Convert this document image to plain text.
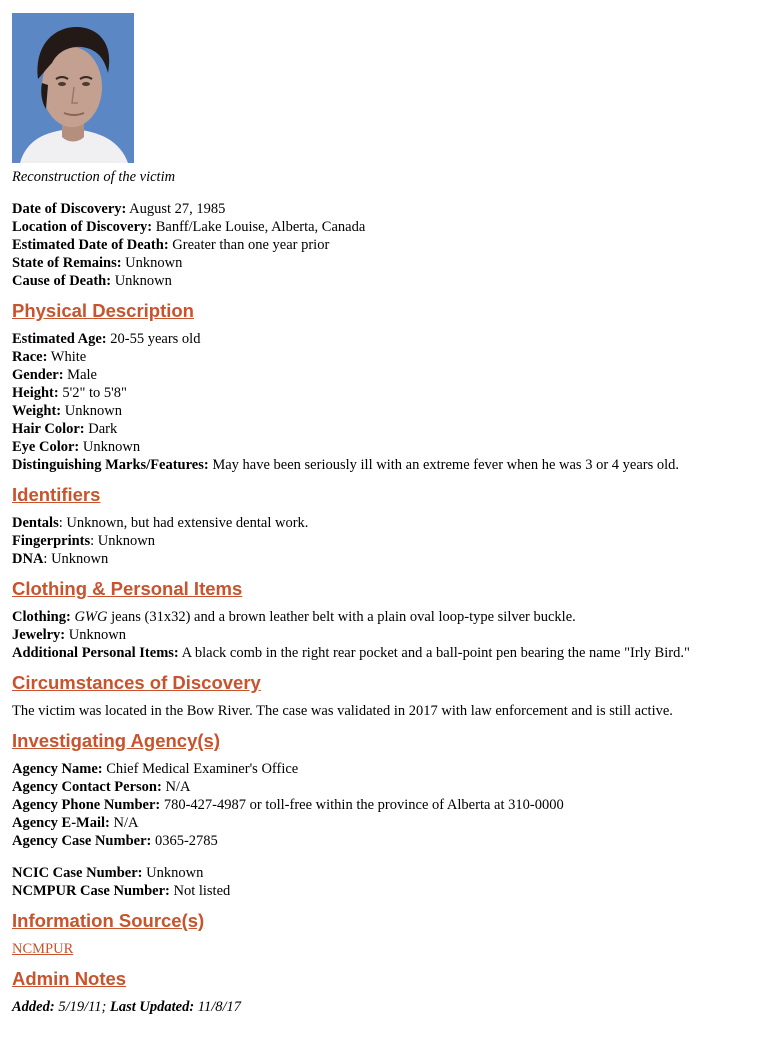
Reconstruction of the victim
Date of Discovery: August 27, 1985
Location of Discovery: Banff/Lake Louise, Alberta, Canada
Estimated Date of Death: Greater than one year prior
State of Remains: Unknown
Cause of Death: Unknown
Physical Description
Estimated Age: 20-55 years old
Race: White
Gender: Male
Height: 5'2" to 5'8"
Weight: Unknown
Hair Color: Dark
Eye Color: Unknown
Distinguishing Marks/Features: May have been seriously ill with an extreme fever when he was 3 or 4 years old.
Identifiers
Dentals: Unknown, but had extensive dental work.
Fingerprints: Unknown
DNA: Unknown
Clothing & Personal Items
Clothing: GWG jeans (31x32) and a brown leather belt with a plain oval loop-type silver buckle.
Jewelry: Unknown
Additional Personal Items: A black comb in the right rear pocket and a ball-point pen bearing the name "Irly Bird."
Circumstances of Discovery
The victim was located in the Bow River. The case was validated in 2017 with law enforcement and is still active.
Investigating Agency(s)
Agency Name: Chief Medical Examiner's Office
Agency Contact Person: N/A
Agency Phone Number: 780-427-4987 or toll-free within the province of Alberta at 310-0000
Agency E-Mail: N/A
Agency Case Number: 0365-2785
NCIC Case Number: Unknown
NCMPUR Case Number: Not listed
Information Source(s)
NCMPUR
Admin Notes
Added: 5/19/11; Last Updated: 11/8/17
